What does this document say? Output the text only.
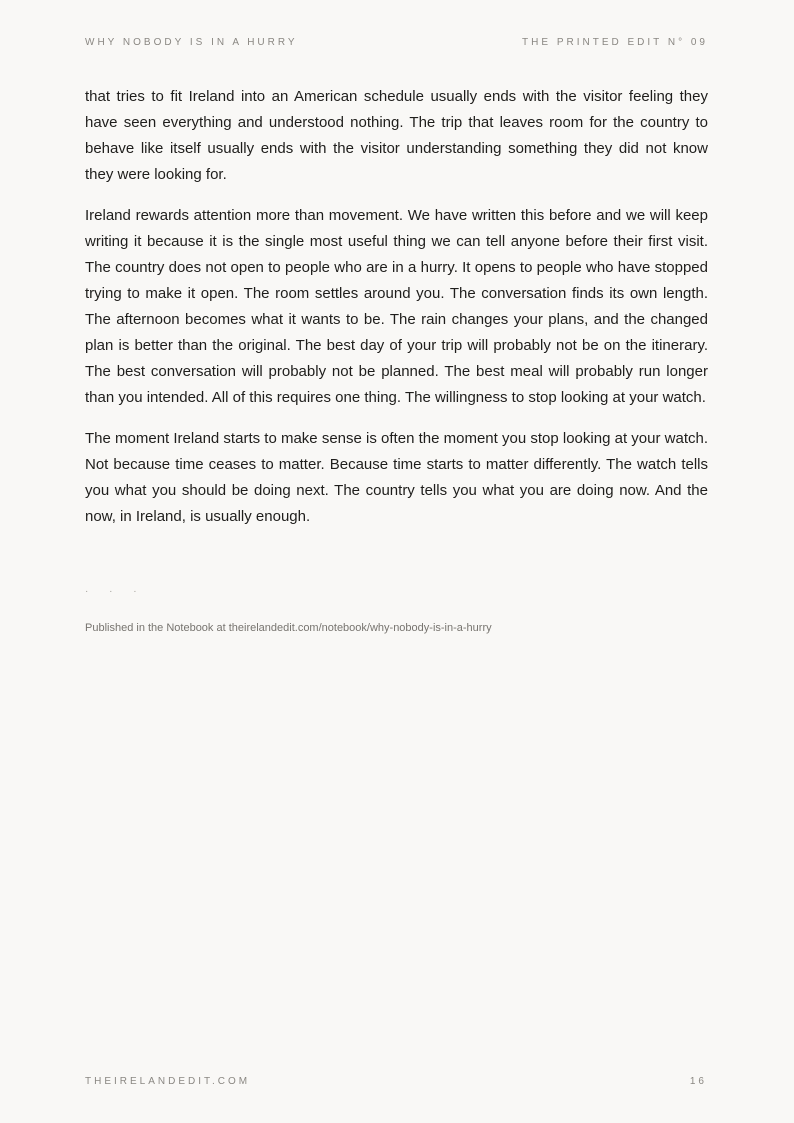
WHY NOBODY IS IN A HURRY	THE PRINTED EDIT N° 09

that tries to fit Ireland into an American schedule usually ends with the visitor feeling they have seen everything and understood nothing. The trip that leaves room for the country to behave like itself usually ends with the visitor understanding something they did not know they were looking for.

Ireland rewards attention more than movement. We have written this before and we will keep writing it because it is the single most useful thing we can tell anyone before their first visit. The country does not open to people who are in a hurry. It opens to people who have stopped trying to make it open. The room settles around you. The conversation finds its own length. The afternoon becomes what it wants to be. The rain changes your plans, and the changed plan is better than the original. The best day of your trip will probably not be on the itinerary. The best conversation will probably not be planned. The best meal will probably run longer than you intended. All of this requires one thing. The willingness to stop looking at your watch.

The moment Ireland starts to make sense is often the moment you stop looking at your watch. Not because time ceases to matter. Because time starts to matter differently. The watch tells you what you should be doing next. The country tells you what you are doing now. And the now, in Ireland, is usually enough.

· · ·
Published in the Notebook at theirelandedit.com/notebook/why-nobody-is-in-a-hurry
THEIRELANDEDIT.COM	16
